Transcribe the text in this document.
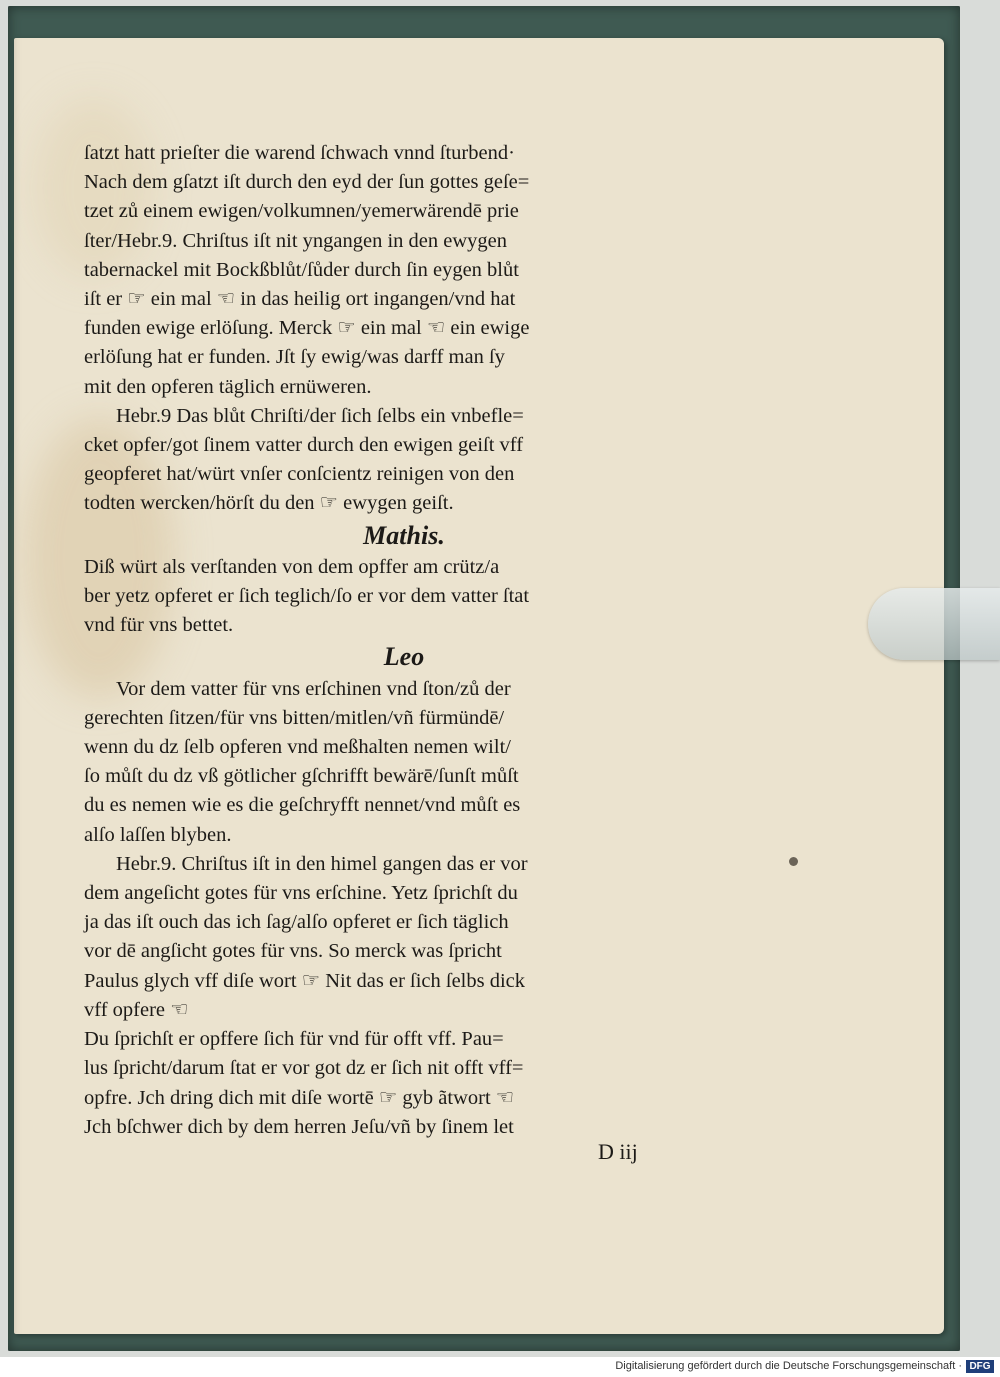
ſatzt hatt prieſter die warend ſchwach vnnd ſturbend·
Nach dem gſatzt iſt durch den eyd der ſun gottes geſe=
tzet zů einem ewigen/volkumnen/yemerwärendē prie
ſter/Hebr.9. Chriſtus iſt nit yngangen in den ewygen
tabernackel mit Bockßblůt/ſůder durch ſin eygen blůt
iſt er ☞ ein mal ☜ in das heilig ort ingangen/vnd hat
funden ewige erlöſung. Merck ☞ ein mal ☜ ein ewige
erlöſung hat er funden. Jſt ſy ewig/was darff man ſy
mit den opferen täglich ernüweren.
Hebr.9 Das blůt Chriſti/der ſich ſelbs ein vnbefle=
cket opfer/got ſinem vatter durch den ewigen geiſt vff
geopferet hat/würt vnſer conſcientz reinigen von den
todten wercken/hörſt du den ☞ ewygen geiſt.
Mathis.
Diß würt als verſtanden von dem opffer am crütz/a
ber yetz opferet er ſich teglich/ſo er vor dem vatter ſtat
vnd für vns bettet.
Leo
Vor dem vatter für vns erſchinen vnd ſton/zů der
gerechten ſitzen/für vns bitten/mitlen/vñ fürmündē/
wenn du dz ſelb opferen vnd meßhalten nemen wilt/
ſo můſt du dz vß götlicher gſchrifft bewärē/ſunſt můſt
du es nemen wie es die geſchryfft nennet/vnd můſt es
alſo laſſen blyben.
Hebr.9. Chriſtus iſt in den himel gangen das er vor
dem angeſicht gotes für vns erſchine. Yetz ſprichſt du
ja das iſt ouch das ich ſag/alſo opferet er ſich täglich
vor dē angſicht gotes für vns. So merck was ſpricht
Paulus glych vff diſe wort ☞ Nit das er ſich ſelbs dick
vff opfere ☜
Du ſprichſt er opffere ſich für vnd für offt vff. Pau=
lus ſpricht/darum ſtat er vor got dz er ſich nit offt vff=
opfre. Jch dring dich mit diſe wortē ☞ gyb ãtwort ☜
Jch bſchwer dich by dem herren Jeſu/vñ by ſinem let
D iij
Digitalisierung gefördert durch die Deutsche Forschungsgemeinschaft · DFG
